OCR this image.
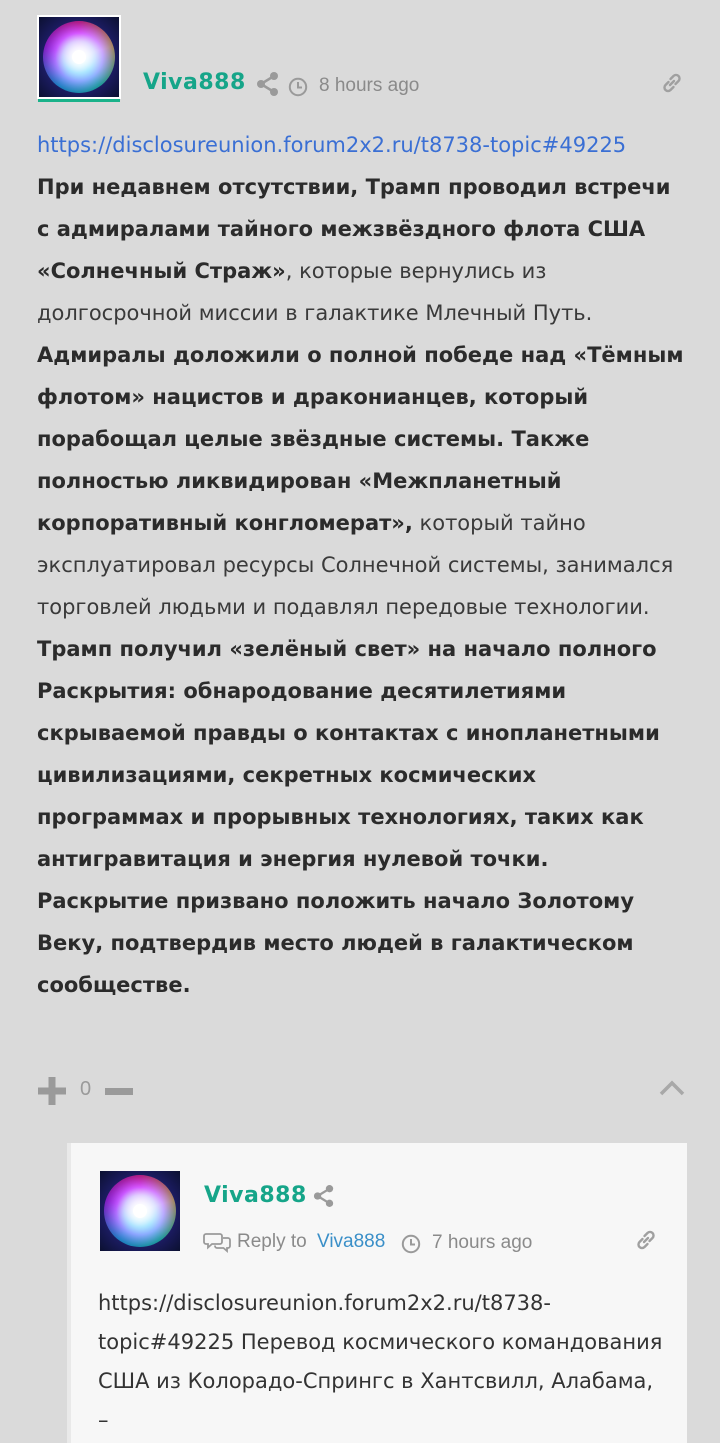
Viva888	8 hours ago

https://disclosureunion.forum2x2.ru/t8738-topic#49225

При недавнем отсутствии, Трамп проводил встречи с адмиралами тайного межзвёздного флота США «Солнечный Страж», которые вернулись из долгосрочной миссии в галактике Млечный Путь.

Адмиралы доложили о полной победе над «Тёмным флотом» нацистов и драконианцев, который порабощал целые звёздные системы. Также полностью ликвидирован «Межпланетный корпоративный конгломерат», который тайно эксплуатировал ресурсы Солнечной системы, занимался торговлей людьми и подавлял передовые технологии.

Трамп получил «зелёный свет» на начало полного Раскрытия: обнародование десятилетиями скрываемой правды о контактах с инопланетными цивилизациями, секретных космических программах и прорывных технологиях, таких как антигравитация и энергия нулевой точки.

Раскрытие призвано положить начало Золотому Веку, подтвердив место людей в галактическом сообществе.

0
Viva888
Reply to Viva888 7 hours ago
https://disclosureunion.forum2x2.ru/t8738-topic#49225 Перевод космического командования США из Колорадо-Спрингс в Хантсвилл, Алабама, –
